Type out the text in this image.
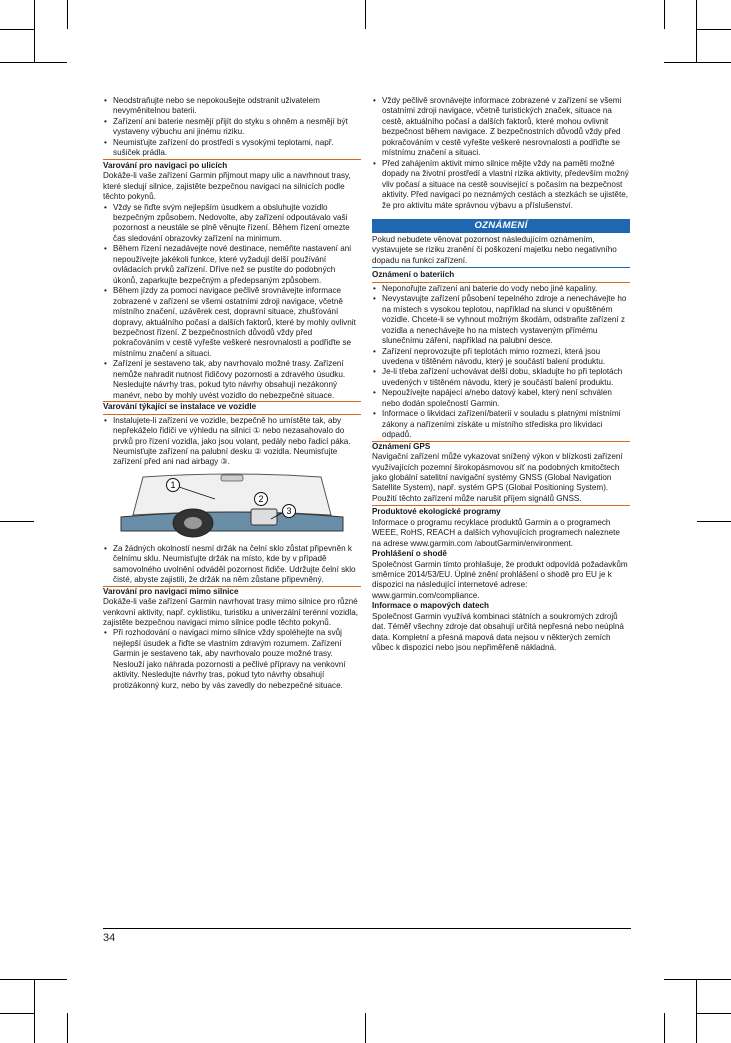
• Neodstraňujte nebo se nepokoušejte odstranit uživatelem nevyměnitelnou baterii.
• Zařízení ani baterie nesmějí přijít do styku s ohněm a nesmějí být vystaveny výbuchu ani jinému riziku.
• Neumisťujte zařízení do prostředí s vysokými teplotami, např. sušiček prádla.
Varování pro navigaci po ulicích

Dokáže-li vaše zařízení Garmin přijmout mapy ulic a navrhnout trasy, které sledují silnice, zajistěte bezpečnou navigaci na silnicích podle těchto pokynů.

• Vždy se řiďte svým nejlepším úsudkem a obsluhujte vozidlo bezpečným způsobem. Nedovolte, aby zařízení odpoutávalo vaši pozornost a neustále se plně věnujte řízení. Během řízení omezte čas sledování obrazovky zařízení na minimum.
• Během řízení nezadávejte nové destinace, neměňte nastavení ani nepoužívejte jakékoli funkce, které vyžadují delší používání ovládacích prvků zařízení. Dříve než se pustíte do podobných úkonů, zaparkujte bezpečným a předepsaným způsobem.
• Během jízdy za pomoci navigace pečlivě srovnávejte informace zobrazené v zařízení se všemi ostatními zdroji navigace, včetně místního značení, uzávěrek cest, dopravní situace, zhušťování dopravy, aktuálního počasí a dalších faktorů, které by mohly ovlivnit bezpečnost řízení. Z bezpečnostních důvodů vždy před pokračováním v cestě vyřešte veškeré nesrovnalosti a podřiďte se místnímu značení a situaci.
• Zařízení je sestaveno tak, aby navrhovalo možné trasy. Zařízení nemůže nahradit nutnost řidičovy pozornosti a zdravého úsudku. Nesledujte návrhy tras, pokud tyto návrhy obsahují nezákonný manévr, nebo by mohly uvést vozidlo do nebezpečné situace.
Varování týkající se instalace ve vozidle
• Instalujete-li zařízení ve vozidle, bezpečně ho umístěte tak, aby nepřekáželo řidiči ve výhledu na silnici ① nebo nezasahovalo do prvků pro řízení vozidla, jako jsou volant, pedály nebo řadicí páka. Neumisťujte zařízení na palubní desku ② vozidla. Neumisťujte zařízení před ani nad airbagy ③.
1
2
3
• Za žádných okolností nesmí držák na čelní sklo zůstat připevněn k čelnímu sklu. Neumisťujte držák na místo, kde by v případě samovolného uvolnění odváděl pozornost řidiče. Udržujte čelní sklo čisté, abyste zajistili, že držák na něm zůstane připevněný.
Varování pro navigaci mimo silnice

Dokáže-li vaše zařízení Garmin navrhovat trasy mimo silnice pro různé venkovní aktivity, např. cyklistiku, turistiku a univerzální terénní vozidla, zajistěte bezpečnou navigaci mimo silnice podle těchto pokynů.

• Při rozhodování o navigaci mimo silnice vždy spoléhejte na svůj nejlepší úsudek a řiďte se vlastním zdravým rozumem. Zařízení Garmin je sestaveno tak, aby navrhovalo pouze možné trasy. Neslouží jako náhrada pozornosti a pečlivé přípravy na venkovní aktivity. Nesledujte návrhy tras, pokud tyto návrhy obsahují protizákonný kurz, nebo by vás zavedly do nebezpečné situace.
• Vždy pečlivě srovnávejte informace zobrazené v zařízení se všemi ostatními zdroji navigace, včetně turistických značek, situace na cestě, aktuálního počasí a dalších faktorů, které mohou ovlivnit bezpečnost během navigace. Z bezpečnostních důvodů vždy před pokračováním v cestě vyřešte veškeré nesrovnalosti a podřiďte se místnímu značení a situaci.
• Před zahájením aktivit mimo silnice mějte vždy na paměti možné dopady na životní prostředí a vlastní rizika aktivity, především možný vliv počasí a situace na cestě související s počasím na bezpečnost aktivity. Před navigací po neznámých cestách a stezkách se ujistěte, že pro aktivitu máte správnou výbavu a příslušenství.
OZNÁMENÍ

Pokud nebudete věnovat pozornost následujícím oznámením, vystavujete se riziku zranění či poškození majetku nebo negativního dopadu na funkci zařízení.

Oznámení o bateriích
• Neponořujte zařízení ani baterie do vody nebo jiné kapaliny.
• Nevystavujte zařízení působení tepelného zdroje a nenechávejte ho na místech s vysokou teplotou, například na slunci v opuštěném vozidle. Chcete-li se vyhnout možným škodám, odstraňte zařízení z vozidla a nenechávejte ho na místech vystaveným přímému slunečnímu záření, například na palubní desce.
• Zařízení neprovozujte při teplotách mimo rozmezí, která jsou uvedena v tištěném návodu, který je součástí balení produktu.
• Je-li třeba zařízení uchovávat delší dobu, skladujte ho při teplotách uvedených v tištěném návodu, který je součástí balení produktu.
• Nepoužívejte napájecí a/nebo datový kabel, který není schválen nebo dodán společností Garmin.
• Informace o likvidaci zařízení/baterií v souladu s platnými místními zákony a nařízeními získáte u místního střediska pro likvidaci odpadů.
Oznámení GPS

Navigační zařízení může vykazovat snížený výkon v blízkosti zařízení využívajících pozemní širokopásmovou síť na podobných kmitočtech jako globální satelitní navigační systémy GNSS (Global Navigation Satellite System), např. systém GPS (Global Positioning System). Použití těchto zařízení může narušit příjem signálů GNSS.

Produktové ekologické programy

Informace o programu recyklace produktů Garmin a o programech WEEE, RoHS, REACH a dalších vyhovujících programech naleznete na adrese www.garmin.com /aboutGarmin/environment.

Prohlášení o shodě

Společnost Garmin tímto prohlašuje, že produkt odpovídá požadavkům směrnice 2014/53/EU. Úplné znění prohlášení o shodě pro EU je k dispozici na následující internetové adrese: www.garmin.com/compliance.

Informace o mapových datech

Společnost Garmin využívá kombinaci státních a soukromých zdrojů dat. Téměř všechny zdroje dat obsahují určitá nepřesná nebo neúplná data. Kompletní a přesná mapová data nejsou v některých zemích vůbec k dispozici nebo jsou nepřiměřeně nákladná.

34
